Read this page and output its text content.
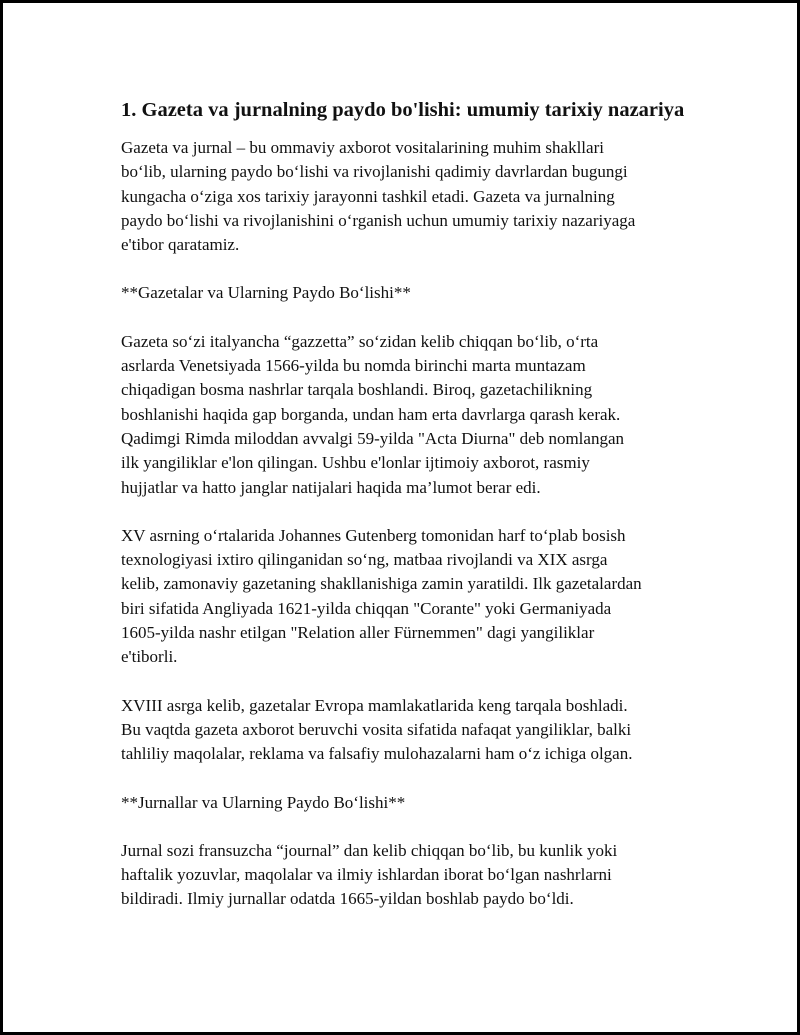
1. Gazeta va jurnalning paydo bo'lishi: umumiy tarixiy nazariya

Gazeta va jurnal – bu ommaviy axborot vositalarining muhim shakllari
bo‘lib, ularning paydo bo‘lishi va rivojlanishi qadimiy davrlardan bugungi
kungacha o‘ziga xos tarixiy jarayonni tashkil etadi. Gazeta va jurnalning
paydo bo‘lishi va rivojlanishini o‘rganish uchun umumiy tarixiy nazariyaga
e'tibor qaratamiz.

**Gazetalar va Ularning Paydo Bo‘lishi**

Gazeta so‘zi italyancha “gazzetta” so‘zidan kelib chiqqan bo‘lib, o‘rta
asrlarda Venetsiyada 1566-yilda bu nomda birinchi marta muntazam
chiqadigan bosma nashrlar tarqala boshlandi. Biroq, gazetachilikning
boshlanishi haqida gap borganda, undan ham erta davrlarga qarash kerak.
Qadimgi Rimda miloddan avvalgi 59-yilda "Acta Diurna" deb nomlangan
ilk yangiliklar e'lon qilingan. Ushbu e'lonlar ijtimoiy axborot, rasmiy
hujjatlar va hatto janglar natijalari haqida ma’lumot berar edi.

XV asrning o‘rtalarida Johannes Gutenberg tomonidan harf to‘plab bosish
texnologiyasi ixtiro qilinganidan so‘ng, matbaa rivojlandi va XIX asrga
kelib, zamonaviy gazetaning shakllanishiga zamin yaratildi. Ilk gazetalardan
biri sifatida Angliyada 1621-yilda chiqqan "Corante" yoki Germaniyada
1605-yilda nashr etilgan "Relation aller Fürnemmen" dagi yangiliklar
e'tiborli.

XVIII asrga kelib, gazetalar Evropa mamlakatlarida keng tarqala boshladi.
Bu vaqtda gazeta axborot beruvchi vosita sifatida nafaqat yangiliklar, balki
tahliliy maqolalar, reklama va falsafiy mulohazalarni ham o‘z ichiga olgan.

**Jurnallar va Ularning Paydo Bo‘lishi**

Jurnal sozi fransuzcha “journal” dan kelib chiqqan bo‘lib, bu kunlik yoki
haftalik yozuvlar, maqolalar va ilmiy ishlardan iborat bo‘lgan nashrlarni
bildiradi. Ilmiy jurnallar odatda 1665-yildan boshlab paydo bo‘ldi.
